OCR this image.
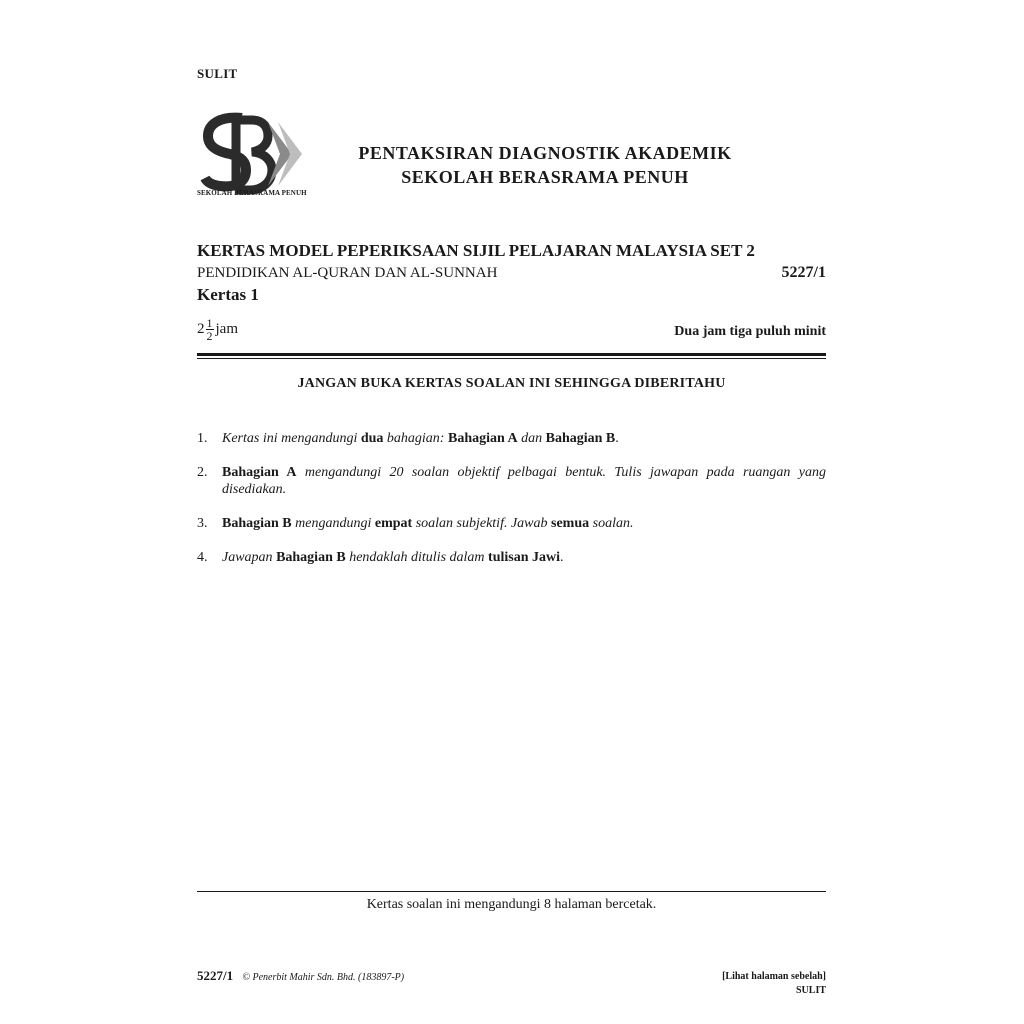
SULIT
SEKOLAH BERASRAMA PENUH
PENTAKSIRAN DIAGNOSTIK AKADEMIK
SEKOLAH BERASRAMA PENUH
KERTAS MODEL PEPERIKSAAN SIJIL PELAJARAN MALAYSIA SET 2
PENDIDIKAN AL-QURAN DAN AL-SUNNAH	5227/1
Kertas 1
$2 \frac{1}{2}$ jam	Dua jam tiga puluh minit
JANGAN BUKA KERTAS SOALAN INI SEHINGGA DIBERITAHU
1. Kertas ini mengandungi dua bahagian: Bahagian A dan Bahagian B.
2. Bahagian A mengandungi 20 soalan objektif pelbagai bentuk. Tulis jawapan pada ruangan yang disediakan.
3. Bahagian B mengandungi empat soalan subjektif. Jawab semua soalan.
4. Jawapan Bahagian B hendaklah ditulis dalam tulisan Jawi.
Kertas soalan ini mengandungi 8 halaman bercetak.
5227/1 © Penerbit Mahir Sdn. Bhd. (183897-P)	[Lihat halaman sebelah]
SULIT
